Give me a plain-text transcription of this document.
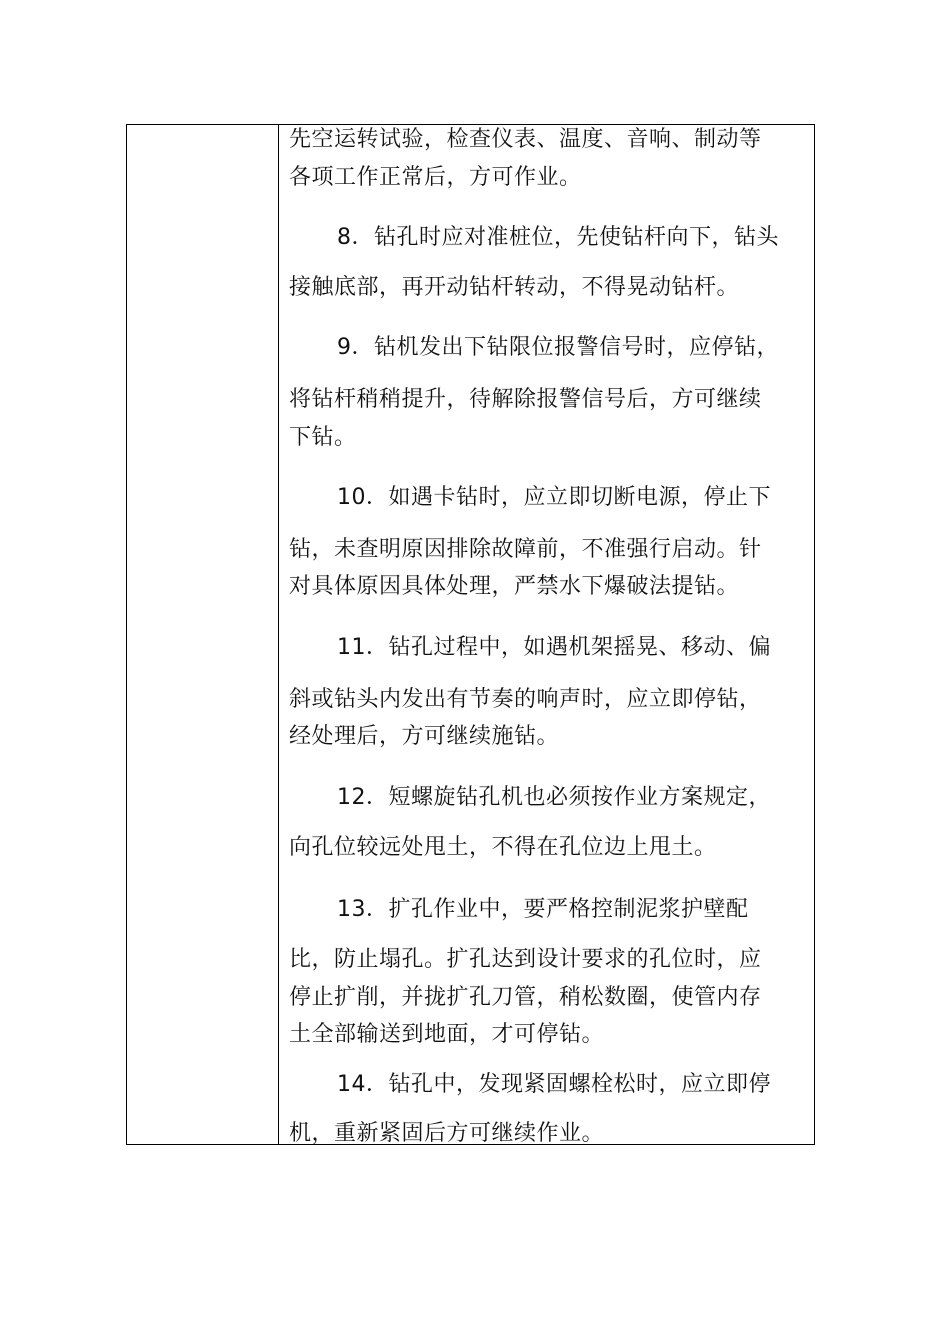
先空运转试验，检查仪表、温度、音响、制动等
各项工作正常后，方可作业。
8．钻孔时应对准桩位，先使钻杆向下，钻头
接触底部，再开动钻杆转动，不得晃动钻杆。
9．钻机发出下钻限位报警信号时，应停钻，
将钻杆稍稍提升，待解除报警信号后，方可继续
下钻。
10．如遇卡钻时，应立即切断电源，停止下
钻，未查明原因排除故障前，不准强行启动。针
对具体原因具体处理，严禁水下爆破法提钻。
11．钻孔过程中，如遇机架摇晃、移动、偏
斜或钻头内发出有节奏的响声时，应立即停钻，
经处理后，方可继续施钻。
12．短螺旋钻孔机也必须按作业方案规定，
向孔位较远处甩土，不得在孔位边上甩土。
13．扩孔作业中，要严格控制泥浆护壁配
比，防止塌孔。扩孔达到设计要求的孔位时，应
停止扩削，并拢扩孔刀管，稍松数圈，使管内存
土全部输送到地面，才可停钻。
14．钻孔中，发现紧固螺栓松时，应立即停
机，重新紧固后方可继续作业。
